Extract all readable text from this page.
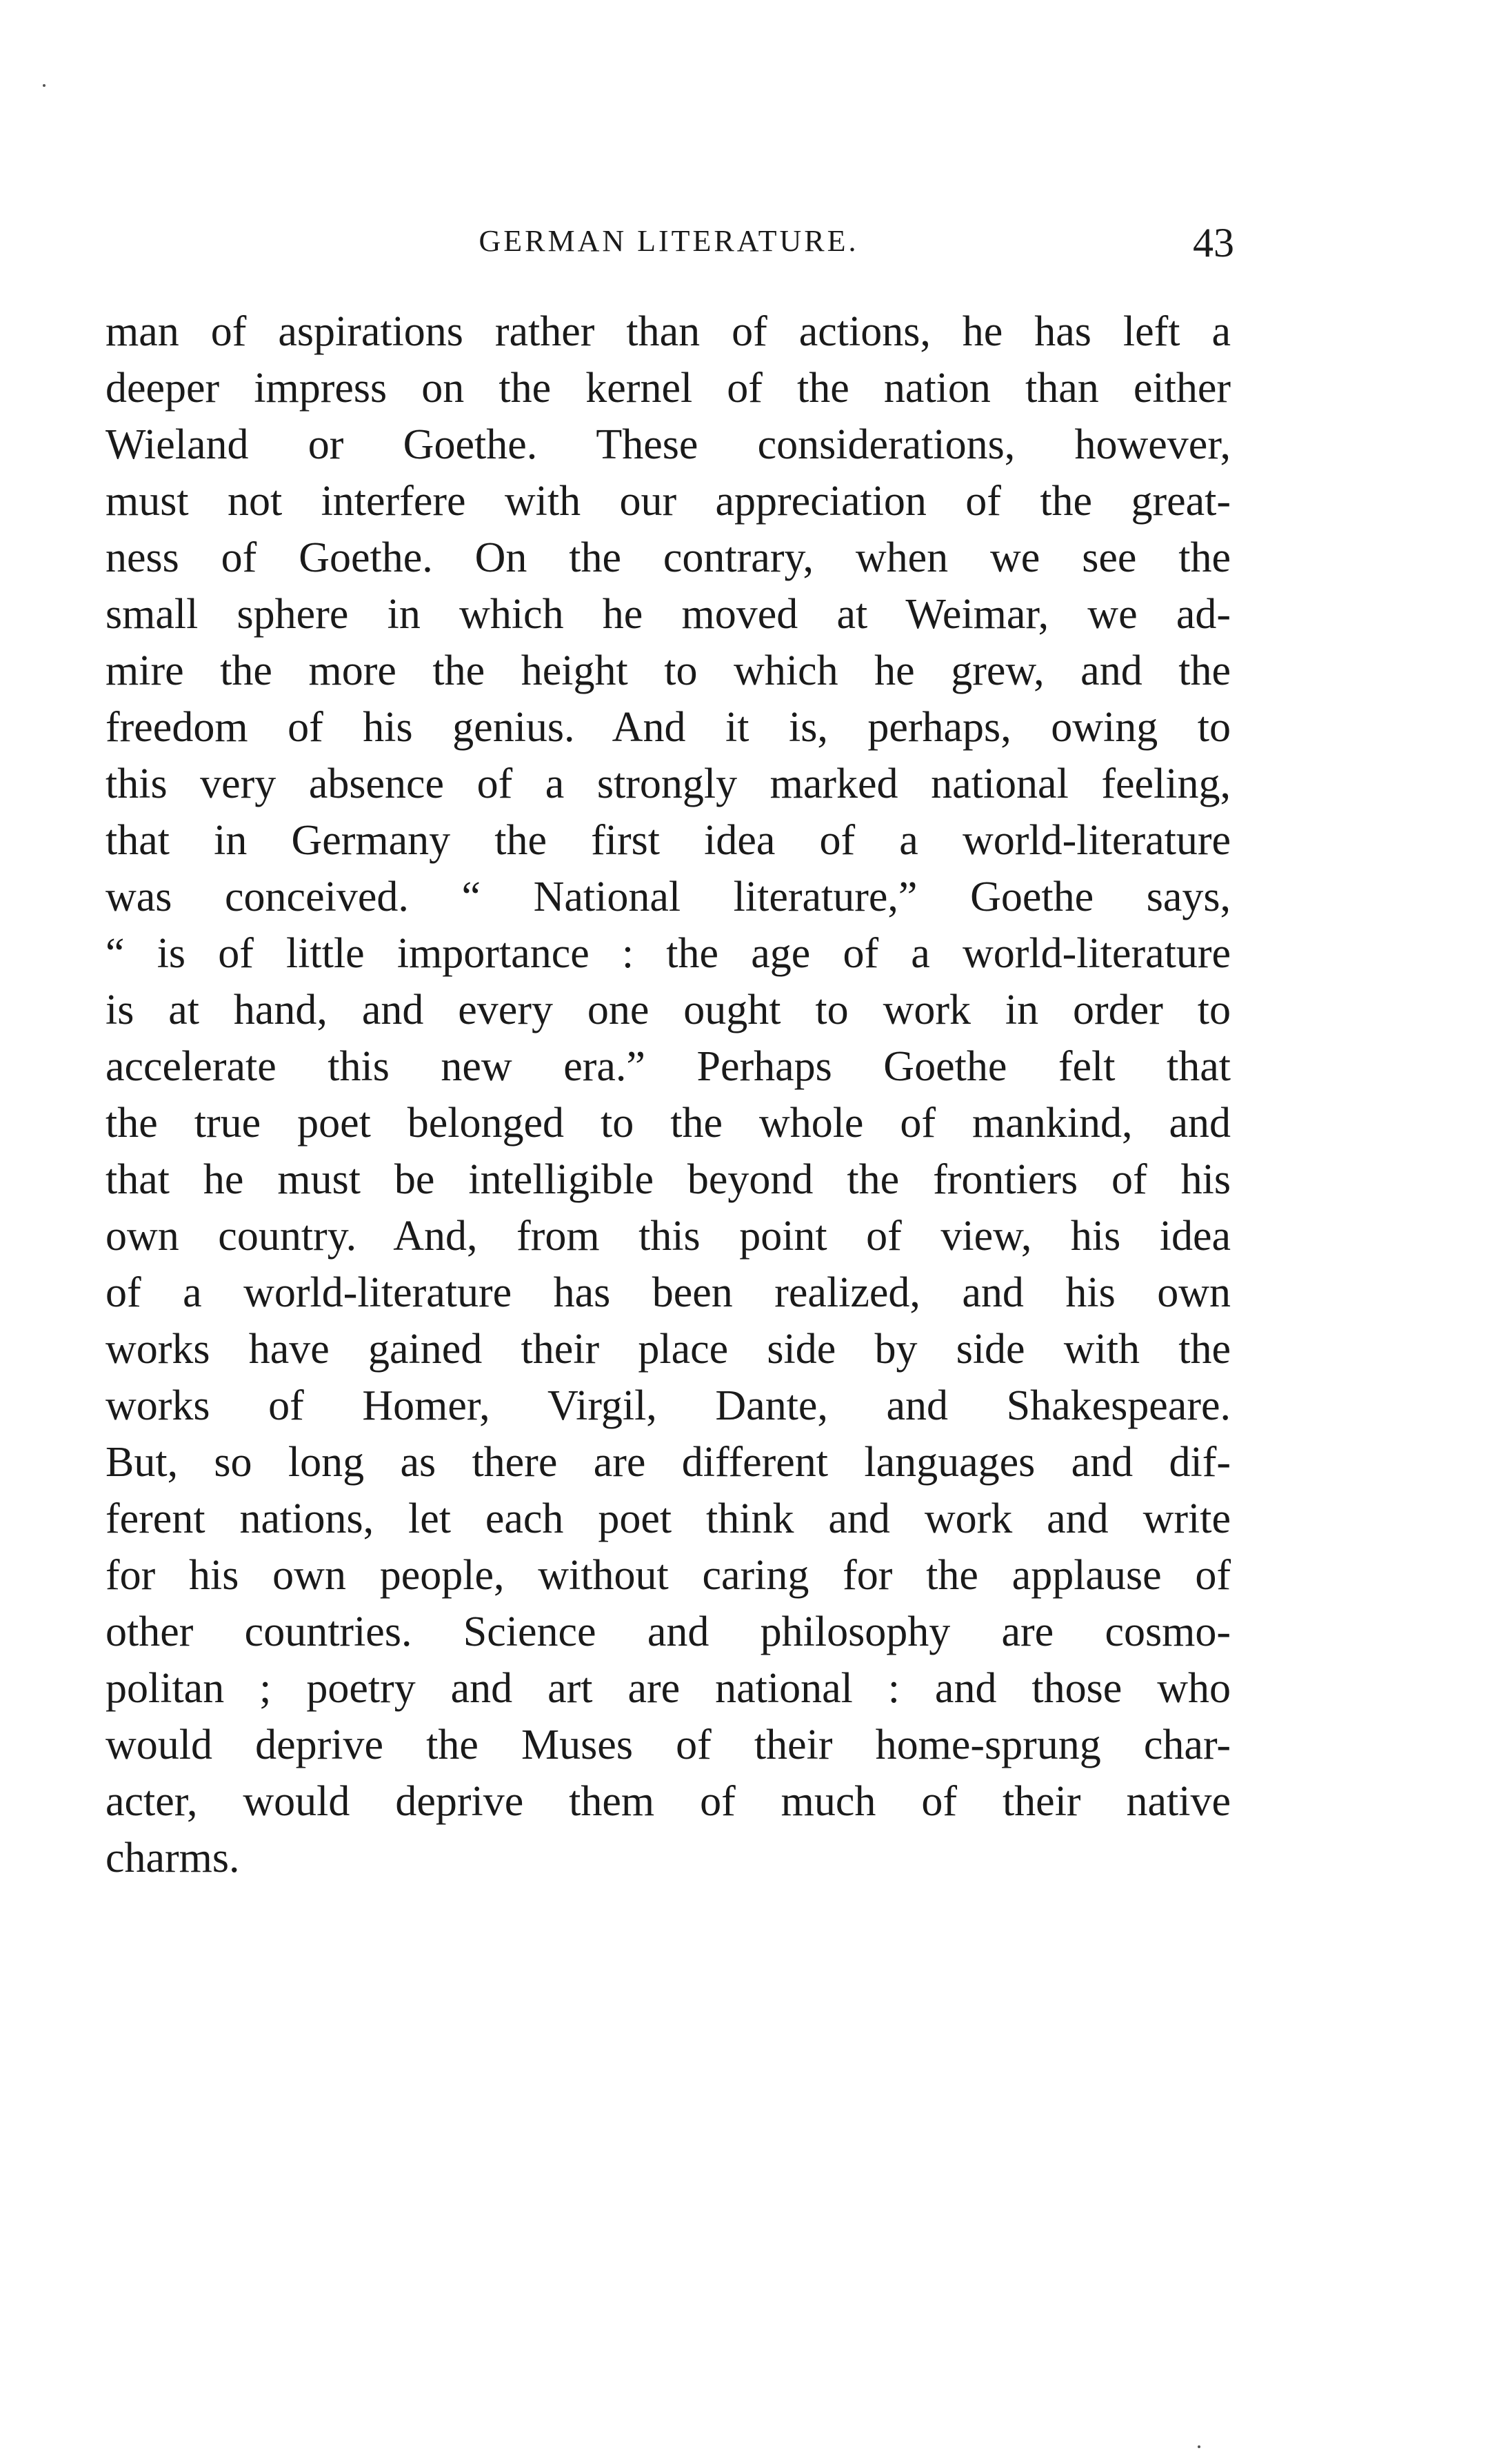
GERMAN LITERATURE.	43
man of aspirations rather than of actions, he has left a
deeper impress on the kernel of the nation than either
Wieland or Goethe. These considerations, however,
must not interfere with our appreciation of the great-
ness of Goethe. On the contrary, when we see the
small sphere in which he moved at Weimar, we ad-
mire the more the height to which he grew, and the
freedom of his genius. And it is, perhaps, owing to
this very absence of a strongly marked national feeling,
that in Germany the first idea of a world-literature
was conceived. “ National literature,” Goethe says,
“ is of little importance : the age of a world-literature
is at hand, and every one ought to work in order to
accelerate this new era.” Perhaps Goethe felt that
the true poet belonged to the whole of mankind, and
that he must be intelligible beyond the frontiers of his
own country. And, from this point of view, his idea
of a world-literature has been realized, and his own
works have gained their place side by side with the
works of Homer, Virgil, Dante, and Shakespeare.
But, so long as there are different languages and dif-
ferent nations, let each poet think and work and write
for his own people, without caring for the applause of
other countries. Science and philosophy are cosmo-
politan ; poetry and art are national : and those who
would deprive the Muses of their home-sprung char-
acter, would deprive them of much of their native
charms.
